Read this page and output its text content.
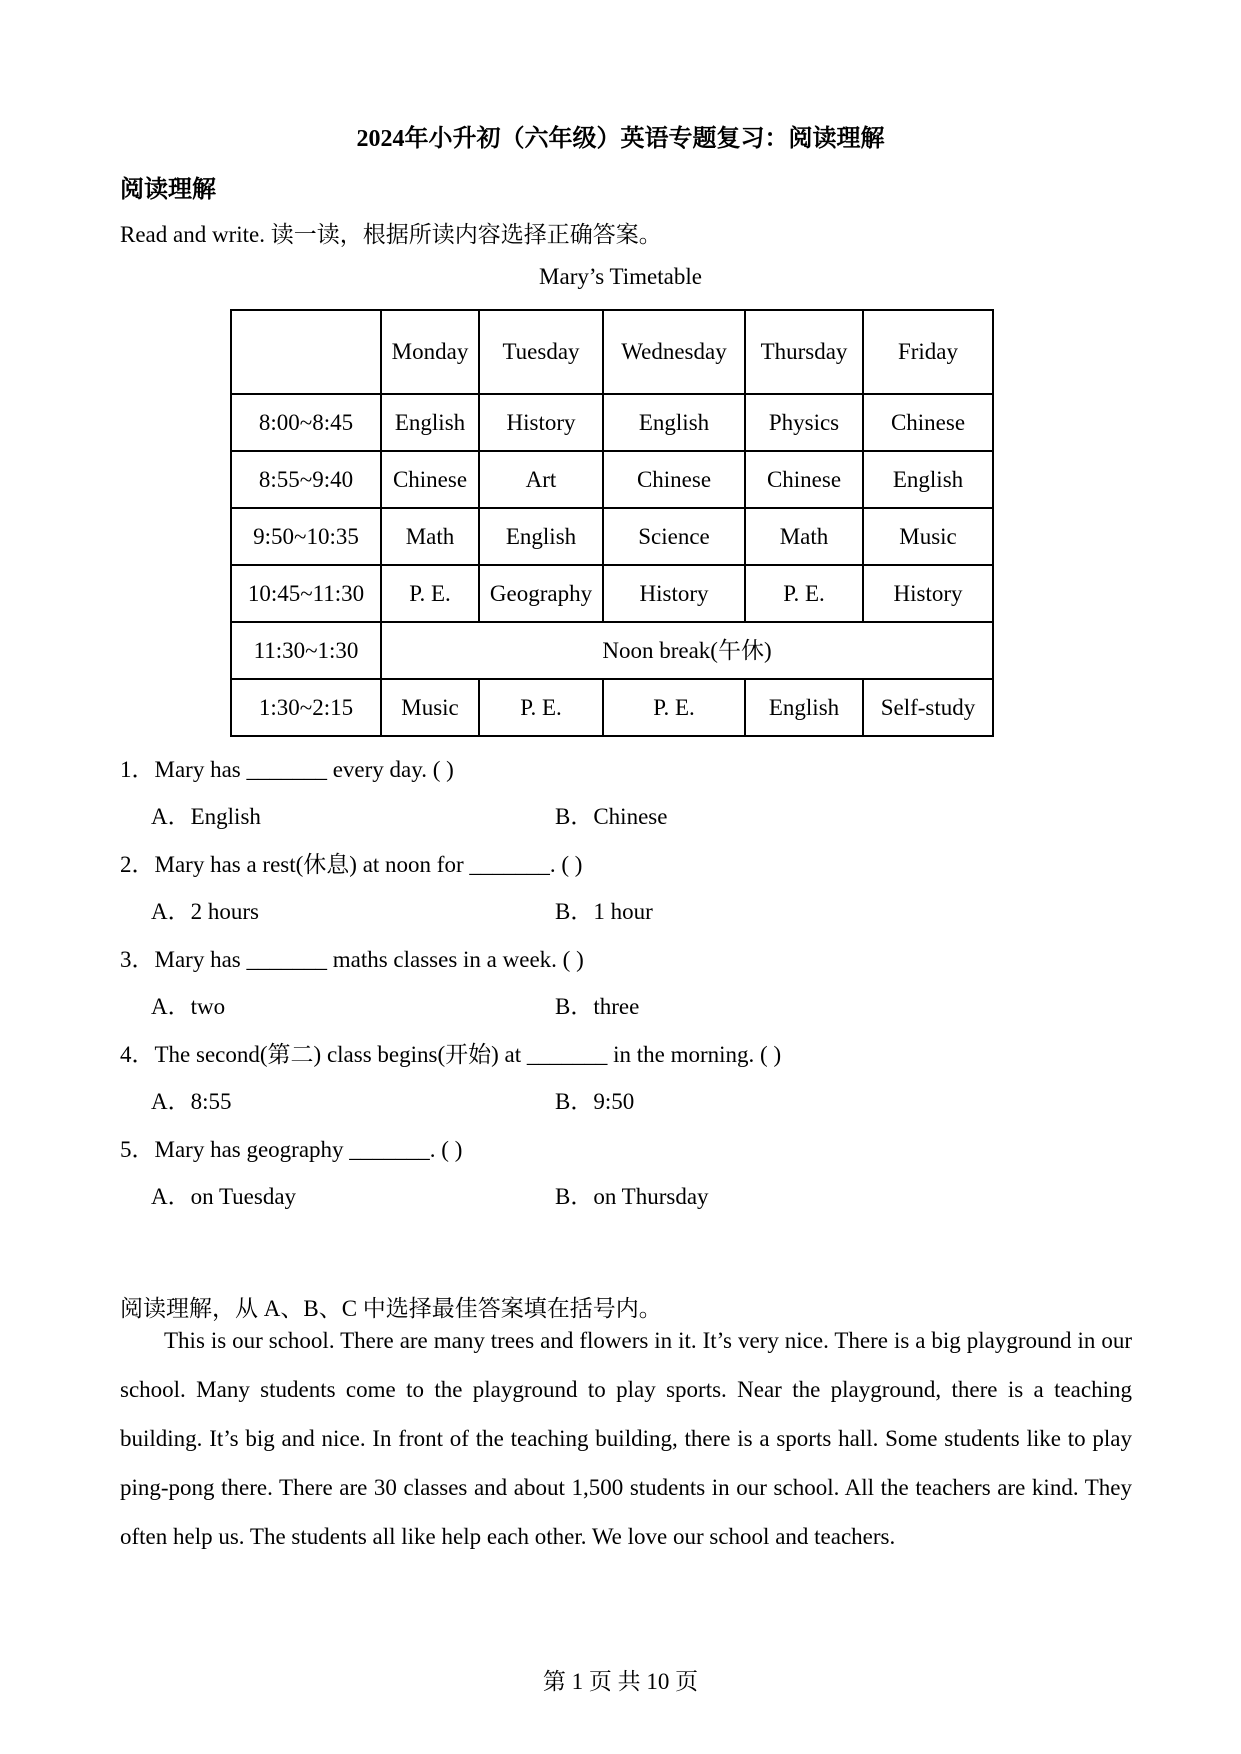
2024年小升初（六年级）英语专题复习：阅读理解
阅读理解
Read and write. 读一读，根据所读内容选择正确答案。
Mary’s Timetable
	Monday	Tuesday	Wednesday	Thursday	Friday
8:00~8:45	English	History	English	Physics	Chinese
8:55~9:40	Chinese	Art	Chinese	Chinese	English
9:50~10:35	Math	English	Science	Math	Music
10:45~11:30	P. E.	Geography	History	P. E.	History
11:30~1:30	Noon break(午休)				
1:30~2:15	Music	P. E.	P. E.	English	Self-study
1．Mary has _______ every day. ( )
A．English	B．Chinese
2．Mary has a rest(休息) at noon for _______. ( )
A．2 hours	B．1 hour
3．Mary has _______ maths classes in a week. ( )
A．two	B．three
4．The second(第二) class begins(开始) at _______ in the morning. ( )
A．8:55	B．9:50
5．Mary has geography _______. ( )
A．on Tuesday	B．on Thursday
阅读理解，从 A、B、C 中选择最佳答案填在括号内。
This is our school. There are many trees and flowers in it. It’s very nice. There is a big playground in our school. Many students come to the playground to play sports. Near the playground, there is a teaching building. It’s big and nice. In front of the teaching building, there is a sports hall. Some students like to play ping-pong there. There are 30 classes and about 1,500 students in our school. All the teachers are kind. They often help us. The students all like help each other. We love our school and teachers.
第 1 页 共 10 页
